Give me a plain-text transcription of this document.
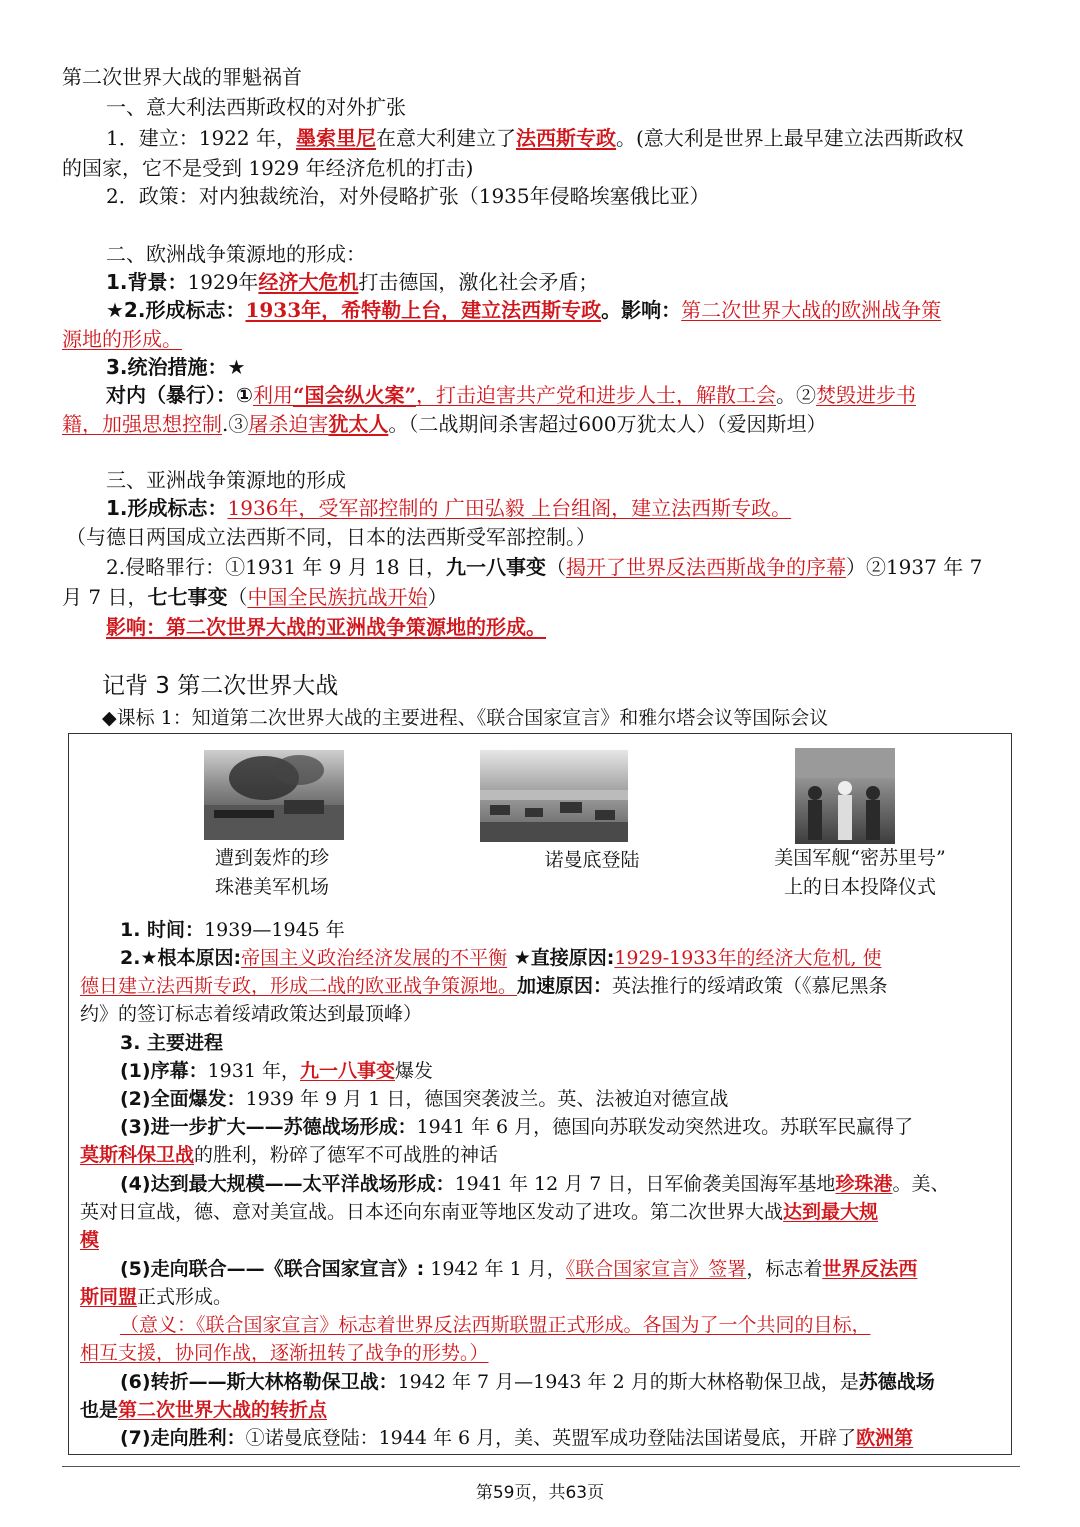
第二次世界大战的罪魁祸首
一、意大利法西斯政权的对外扩张
1．建立：1922 年，墨索里尼在意大利建立了法西斯专政。(意大利是世界上最早建立法西斯政权
的国家，它不是受到 1929 年经济危机的打击)
2．政策：对内独裁统治，对外侵略扩张（1935年侵略埃塞俄比亚）
二、欧洲战争策源地的形成：
1.背景：1929年经济大危机打击德国，激化社会矛盾；
★2.形成标志：1933年，希特勒上台，建立法西斯专政。影响：第二次世界大战的欧洲战争策
源地的形成。
3.统治措施：★
对内（暴行）：①利用“国会纵火案”，打击迫害共产党和进步人士，解散工会。②焚毁进步书
籍，加强思想控制.③屠杀迫害犹太人。（二战期间杀害超过600万犹太人）（爱因斯坦）
三、亚洲战争策源地的形成
1.形成标志：1936年，受军部控制的 广田弘毅 上台组阁，建立法西斯专政。
（与德日两国成立法西斯不同，日本的法西斯受军部控制。）
2.侵略罪行：①1931 年 9 月 18 日，九一八事变（揭开了世界反法西斯战争的序幕）②1937 年 7
月 7 日，七七事变（中国全民族抗战开始）
影响：第二次世界大战的亚洲战争策源地的形成。
记背 3 第二次世界大战
◆课标 1：知道第二次世界大战的主要进程、《联合国家宣言》和雅尔塔会议等国际会议
遭到轰炸的珍
珠港美军机场
诺曼底登陆	美国军舰“密苏里号”
上的日本投降仪式
1. 时间：1939—1945 年
2.★根本原因:帝国主义政治经济发展的不平衡 ★直接原因:1929-1933年的经济大危机, 使
德日建立法西斯专政，形成二战的欧亚战争策源地。加速原因：英法推行的绥靖政策（《慕尼黑条
约》的签订标志着绥靖政策达到最顶峰）
3. 主要进程
(1)序幕：1931 年，九一八事变爆发
(2)全面爆发：1939 年 9 月 1 日，德国突袭波兰。英、法被迫对德宣战
(3)进一步扩大——苏德战场形成：1941 年 6 月，德国向苏联发动突然进攻。苏联军民赢得了
莫斯科保卫战的胜利，粉碎了德军不可战胜的神话
(4)达到最大规模——太平洋战场形成：1941 年 12 月 7 日，日军偷袭美国海军基地珍珠港。美、
英对日宣战，德、意对美宣战。日本还向东南亚等地区发动了进攻。第二次世界大战达到最大规
模
(5)走向联合——《联合国家宣言》: 1942 年 1 月，《联合国家宣言》签署，标志着世界反法西
斯同盟正式形成。
（意义：《联合国家宣言》标志着世界反法西斯联盟正式形成。各国为了一个共同的目标，
相互支援，协同作战，逐渐扭转了战争的形势。）
(6)转折——斯大林格勒保卫战：1942 年 7 月—1943 年 2 月的斯大林格勒保卫战，是苏德战场
也是第二次世界大战的转折点
(7)走向胜利：①诺曼底登陆：1944 年 6 月，美、英盟军成功登陆法国诺曼底，开辟了欧洲第
第59页，共63页
